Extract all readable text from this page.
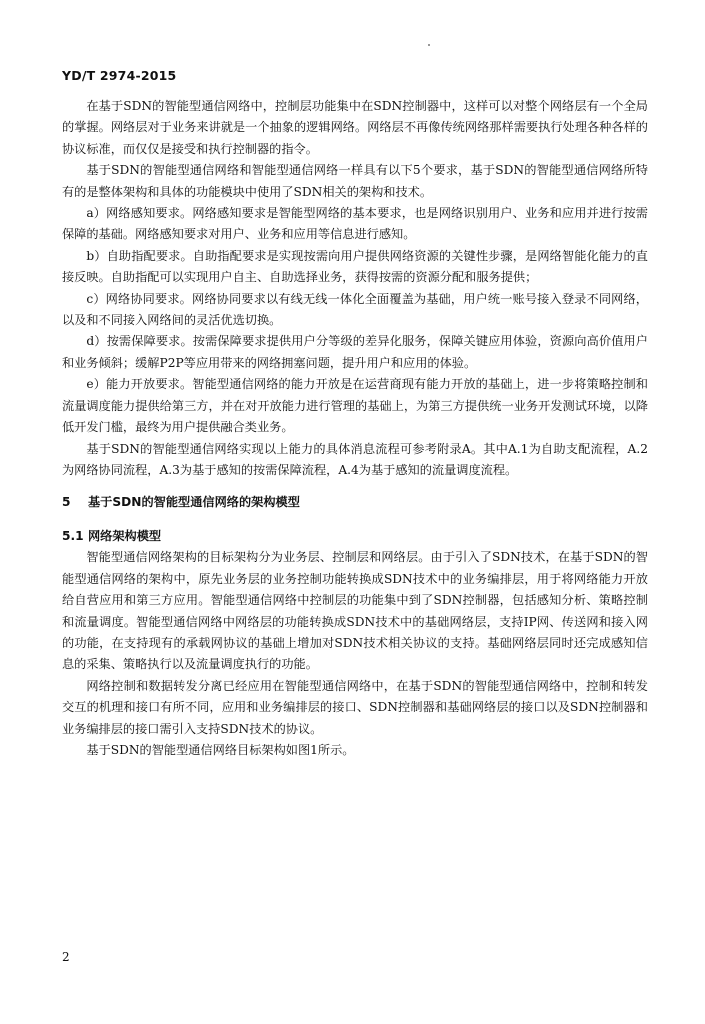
YD/T 2974-2015

在基于SDN的智能型通信网络中，控制层功能集中在SDN控制器中，这样可以对整个网络层有一个全局的掌握。网络层对于业务来讲就是一个抽象的逻辑网络。网络层不再像传统网络那样需要执行处理各种各样的协议标准，而仅仅是接受和执行控制器的指令。

基于SDN的智能型通信网络和智能型通信网络一样具有以下5个要求，基于SDN的智能型通信网络所特有的是整体架构和具体的功能模块中使用了SDN相关的架构和技术。

a）网络感知要求。网络感知要求是智能型网络的基本要求，也是网络识别用户、业务和应用并进行按需保障的基础。网络感知要求对用户、业务和应用等信息进行感知。

b）自助指配要求。自助指配要求是实现按需向用户提供网络资源的关键性步骤，是网络智能化能力的直接反映。自助指配可以实现用户自主、自助选择业务，获得按需的资源分配和服务提供；

c）网络协同要求。网络协同要求以有线无线一体化全面覆盖为基础，用户统一账号接入登录不同网络，以及和不同接入网络间的灵活优选切换。

d）按需保障要求。按需保障要求提供用户分等级的差异化服务，保障关键应用体验，资源向高价值用户和业务倾斜；缓解P2P等应用带来的网络拥塞问题，提升用户和应用的体验。

e）能力开放要求。智能型通信网络的能力开放是在运营商现有能力开放的基础上，进一步将策略控制和流量调度能力提供给第三方，并在对开放能力进行管理的基础上，为第三方提供统一业务开发测试环境，以降低开发门槛，最终为用户提供融合类业务。

基于SDN的智能型通信网络实现以上能力的具体消息流程可参考附录A。其中A.1为自助支配流程，A.2为网络协同流程，A.3为基于感知的按需保障流程，A.4为基于感知的流量调度流程。

5 基于SDN的智能型通信网络的架构模型
5.1 网络架构模型

智能型通信网络架构的目标架构分为业务层、控制层和网络层。由于引入了SDN技术，在基于SDN的智能型通信网络的架构中，原先业务层的业务控制功能转换成SDN技术中的业务编排层，用于将网络能力开放给自营应用和第三方应用。智能型通信网络中控制层的功能集中到了SDN控制器，包括感知分析、策略控制和流量调度。智能型通信网络中网络层的功能转换成SDN技术中的基础网络层，支持IP网、传送网和接入网的功能，在支持现有的承载网协议的基础上增加对SDN技术相关协议的支持。基础网络层同时还完成感知信息的采集、策略执行以及流量调度执行的功能。

网络控制和数据转发分离已经应用在智能型通信网络中，在基于SDN的智能型通信网络中，控制和转发交互的机理和接口有所不同，应用和业务编排层的接口、SDN控制器和基础网络层的接口以及SDN控制器和业务编排层的接口需引入支持SDN技术的协议。

基于SDN的智能型通信网络目标架构如图1所示。

2
